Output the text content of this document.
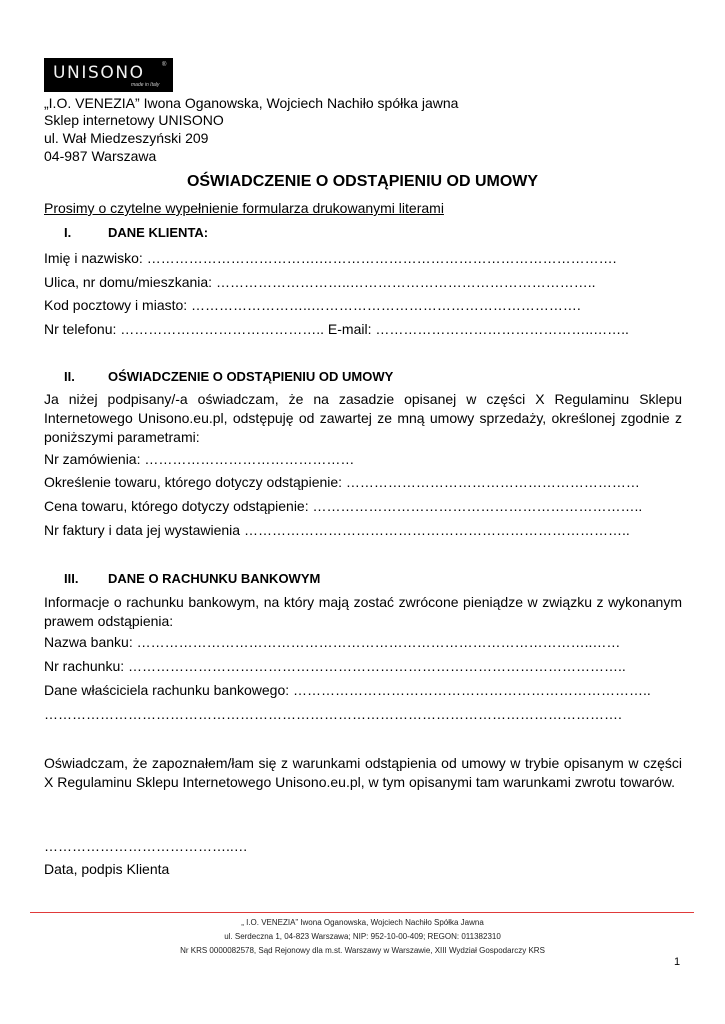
UNISONO	®
made in Italy
„I.O. VENEZIA” Iwona Oganowska, Wojciech Nachiło spółka jawna
Sklep internetowy UNISONO
ul. Wał Miedzeszyński 209
04-987 Warszawa
OŚWIADCZENIE O ODSTĄPIENIU OD UMOWY
Prosimy o czytelne wypełnienie formularza drukowanymi literami
I.	DANE KLIENTA:
Imię i nazwisko: ……………………………….……………………………………………………….
Ulica, nr domu/mieszkania: ………………………..……………………………………………..
Kod pocztowy i miasto: ……………………..………………………………………………….
Nr telefonu: …………………………………….. E-mail: ………………………………………..……..
II.	OŚWIADCZENIE O ODSTĄPIENIU OD UMOWY
Ja niżej podpisany/-a oświadczam, że na zasadzie opisanej w części X Regulaminu Sklepu Internetowego Unisono.eu.pl, odstępuję od zawartej ze mną umowy sprzedaży, określonej zgodnie z poniższymi parametrami:
Nr zamówienia: ………………………………………
Określenie towaru, którego dotyczy odstąpienie: ………………………………………………………
Cena towaru, którego dotyczy odstąpienie: ……………………………………………………………..
Nr faktury i data jej wystawienia ………………………………………………………………………..
III. DANE O RACHUNKU BANKOWYM
Informacje o rachunku bankowym, na który mają zostać zwrócone pieniądze w związku z wykonanym prawem odstąpienia:
Nazwa banku: ……………………………………………………………………………………..……
Nr rachunku: ……………………………………………………………………………………………..
Dane właściciela rachunku bankowego: …………………………………………………………………..
…………………………………………………………………………………………………………….
Oświadczam, że zapoznałem/łam się z warunkami odstąpienia od umowy w trybie opisanym w części X Regulaminu Sklepu Internetowego Unisono.eu.pl, w tym opisanymi tam warunkami zwrotu towarów.
…………………………………..…
Data, podpis Klienta
„ I.O. VENEZIA” Iwona Oganowska, Wojciech Nachiło Spółka Jawna
ul. Serdeczna 1, 04-823 Warszawa; NIP: 952-10-00-409; REGON: 011382310
Nr KRS 0000082578, Sąd Rejonowy dla m.st. Warszawy w Warszawie, XIII Wydział Gospodarczy KRS
1
